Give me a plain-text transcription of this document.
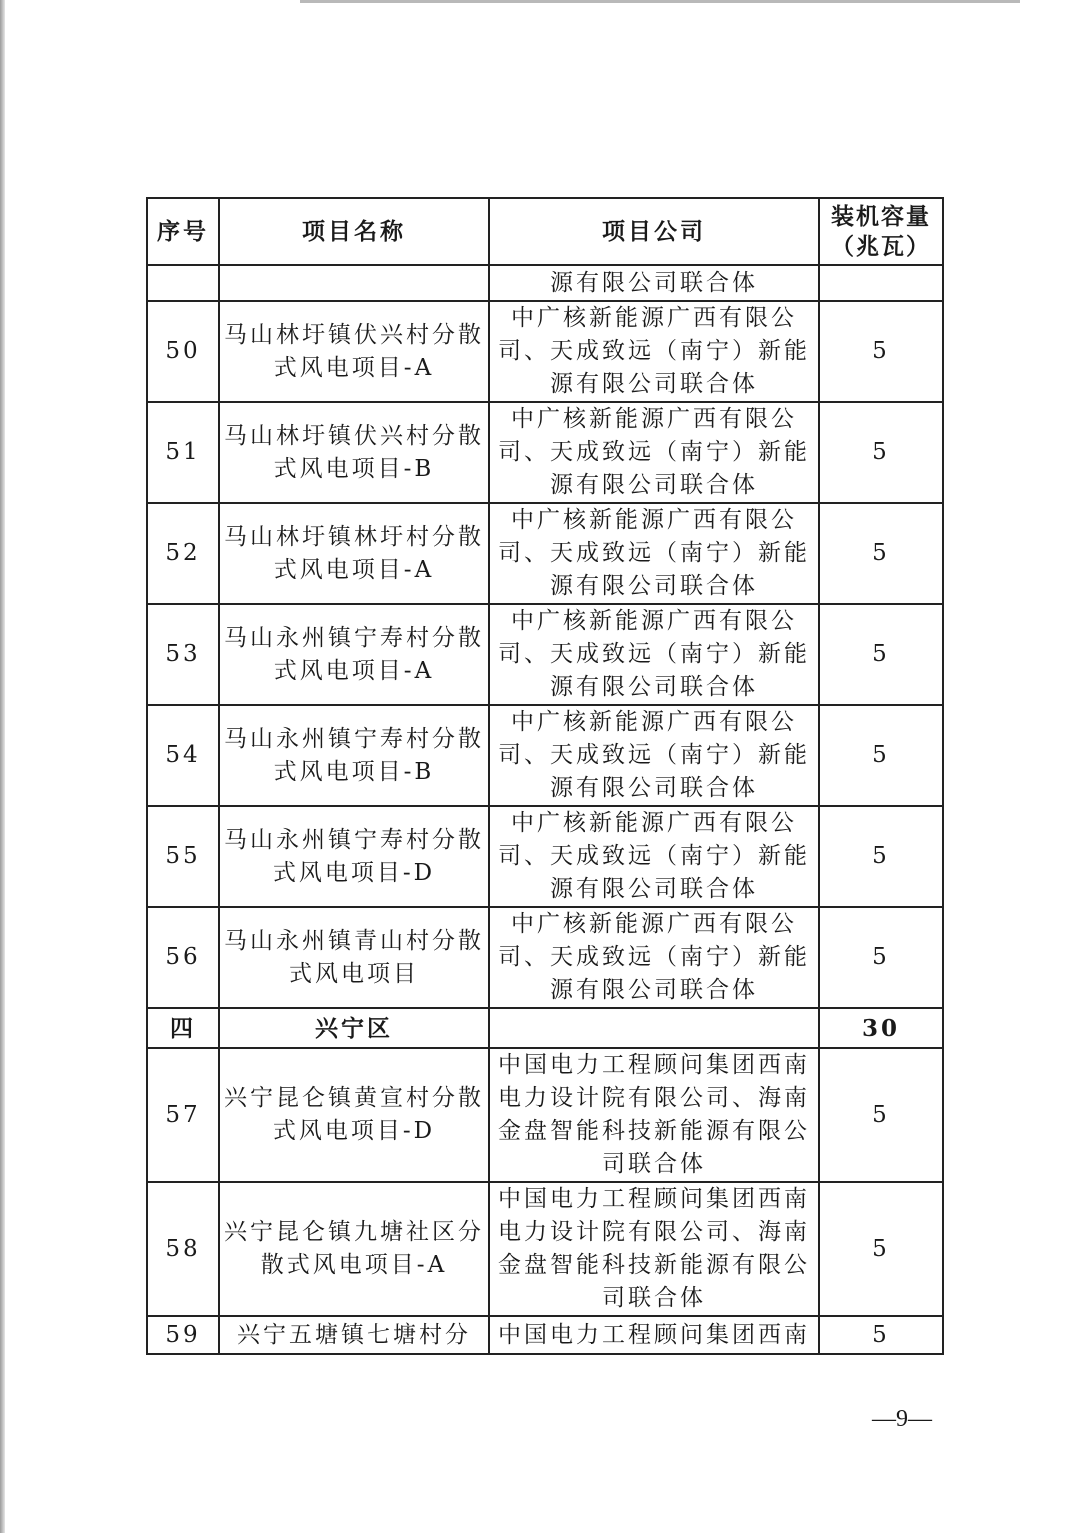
序号	项目名称	项目公司	装机容量（兆瓦）
		源有限公司联合体	
50	马山林圩镇伏兴村分散式风电项目-A	中广核新能源广西有限公司、天成致远（南宁）新能源有限公司联合体	5
51	马山林圩镇伏兴村分散式风电项目-B	中广核新能源广西有限公司、天成致远（南宁）新能源有限公司联合体	5
52	马山林圩镇林圩村分散式风电项目-A	中广核新能源广西有限公司、天成致远（南宁）新能源有限公司联合体	5
53	马山永州镇宁寿村分散式风电项目-A	中广核新能源广西有限公司、天成致远（南宁）新能源有限公司联合体	5
54	马山永州镇宁寿村分散式风电项目-B	中广核新能源广西有限公司、天成致远（南宁）新能源有限公司联合体	5
55	马山永州镇宁寿村分散式风电项目-D	中广核新能源广西有限公司、天成致远（南宁）新能源有限公司联合体	5
56	马山永州镇青山村分散式风电项目	中广核新能源广西有限公司、天成致远（南宁）新能源有限公司联合体	5
四	兴宁区		30
57	兴宁昆仑镇黄宣村分散式风电项目-D	中国电力工程顾问集团西南电力设计院有限公司、海南金盘智能科技新能源有限公司联合体	5
58	兴宁昆仑镇九塘社区分散式风电项目-A	中国电力工程顾问集团西南电力设计院有限公司、海南金盘智能科技新能源有限公司联合体	5
59	兴宁五塘镇七塘村分	中国电力工程顾问集团西南	5
—9—
